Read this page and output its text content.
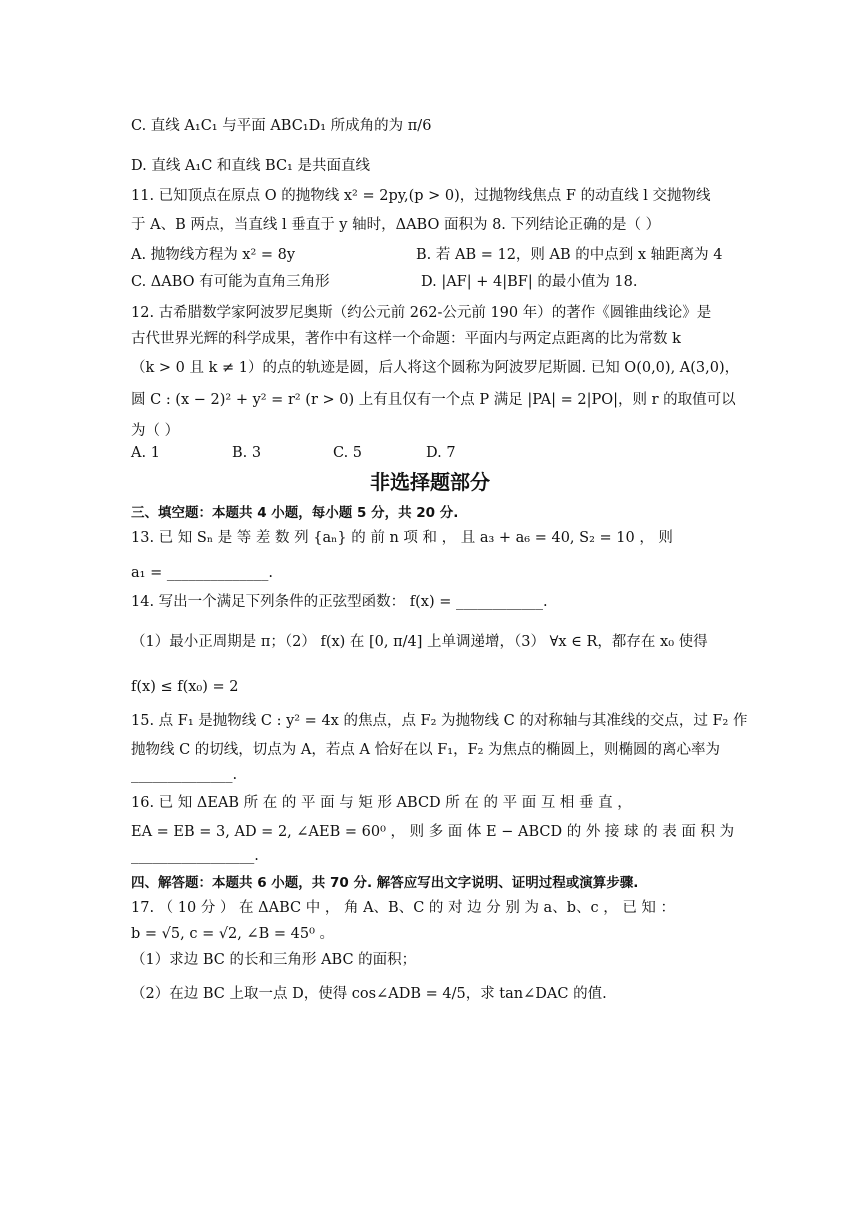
C. 直线 A₁C₁ 与平面 ABC₁D₁ 所成角的为 π/6
D. 直线 A₁C 和直线 BC₁ 是共面直线
11. 已知顶点在原点 O 的抛物线 x² = 2py,(p > 0)，过抛物线焦点 F 的动直线 l 交抛物线
于 A、B 两点，当直线 l 垂直于 y 轴时，ΔABO 面积为 8. 下列结论正确的是（ ）
A. 抛物线方程为 x² = 8y	B. 若 AB = 12，则 AB 的中点到 x 轴距离为 4
C. ΔABO 有可能为直角三角形	D. |AF| + 4|BF| 的最小值为 18.
12. 古希腊数学家阿波罗尼奥斯（约公元前 262-公元前 190 年）的著作《圆锥曲线论》是
古代世界光辉的科学成果，著作中有这样一个命题：平面内与两定点距离的比为常数 k
（k > 0 且 k ≠ 1）的点的轨迹是圆，后人将这个圆称为阿波罗尼斯圆. 已知 O(0,0), A(3,0)，
圆 C : (x − 2)² + y² = r² (r > 0) 上有且仅有一个点 P 满足 |PA| = 2|PO|，则 r 的取值可以
为（ ）
A. 1	B. 3	C. 5	D. 7
非选择题部分
三、填空题：本题共 4 小题，每小题 5 分，共 20 分.
13. 已 知 Sₙ 是 等 差 数 列 {aₙ} 的 前 n 项 和 ， 且 a₃ + a₆ = 40, S₂ = 10 ， 则
a₁ = ______________.
14. 写出一个满足下列条件的正弦型函数： f(x) = ____________.
（1）最小正周期是 π；（2） f(x) 在 [0, π/4] 上单调递增，（3） ∀x ∈ R，都存在 x₀ 使得
f(x) ≤ f(x₀) = 2
15. 点 F₁ 是抛物线 C : y² = 4x 的焦点，点 F₂ 为抛物线 C 的对称轴与其准线的交点，过 F₂ 作
抛物线 C 的切线，切点为 A，若点 A 恰好在以 F₁，F₂ 为焦点的椭圆上，则椭圆的离心率为
______________.
16. 已 知 ΔEAB 所 在 的 平 面 与 矩 形 ABCD 所 在 的 平 面 互 相 垂 直 ，
EA = EB = 3, AD = 2, ∠AEB = 60⁰ ， 则 多 面 体 E − ABCD 的 外 接 球 的 表 面 积 为
_________________.
四、解答题：本题共 6 小题，共 70 分. 解答应写出文字说明、证明过程或演算步骤.
17. （ 10 分 ） 在 ΔABC 中 ， 角 A、B、C 的 对 边 分 别 为 a、b、c ， 已 知 ：
b = √5, c = √2, ∠B = 45⁰ 。
（1）求边 BC 的长和三角形 ABC 的面积；
（2）在边 BC 上取一点 D，使得 cos∠ADB = 4/5，求 tan∠DAC 的值.
